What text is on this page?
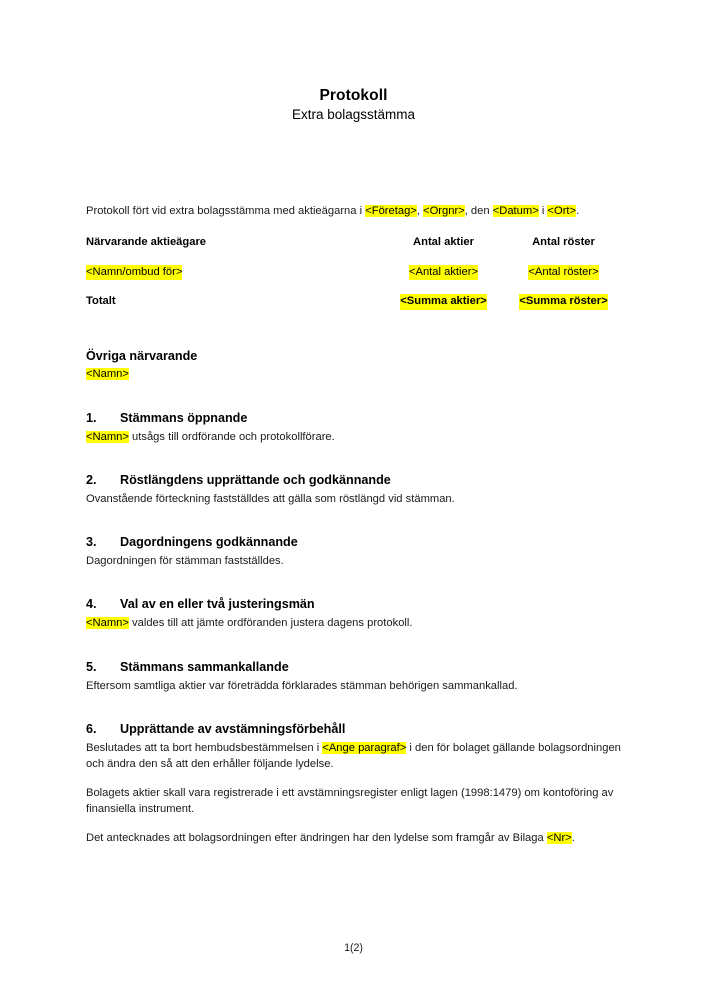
Protokoll
Extra bolagsstämma

Protokoll fört vid extra bolagsstämma med aktieägarna i <Företag>, <Orgnr>, den <Datum> i <Ort>.

Närvarande aktieägare	Antal aktier	Antal röster
<Namn/ombud för>	<Antal aktier>	<Antal röster>
Totalt	<Summa aktier>	<Summa röster>
Övriga närvarande
<Namn>
1.	Stämmans öppnande

<Namn> utsågs till ordförande och protokollförare.

2.	Röstlängdens upprättande och godkännande

Ovanstående förteckning fastställdes att gälla som röstlängd vid stämman.

3.	Dagordningens godkännande

Dagordningen för stämman fastställdes.

4.	Val av en eller två justeringsmän

<Namn> valdes till att jämte ordföranden justera dagens protokoll.

5.	Stämmans sammankallande

Eftersom samtliga aktier var företrädda förklarades stämman behörigen sammankallad.

6.	Upprättande av avstämningsförbehåll

Beslutades att ta bort hembudsbestämmelsen i <Ange paragraf> i den för bolaget gällande bolagsordningen och ändra den så att den erhåller följande lydelse.

Bolagets aktier skall vara registrerade i ett avstämningsregister enligt lagen (1998:1479) om kontoföring av finansiella instrument.

Det antecknades att bolagsordningen efter ändringen har den lydelse som framgår av Bilaga <Nr>.

1(2)
